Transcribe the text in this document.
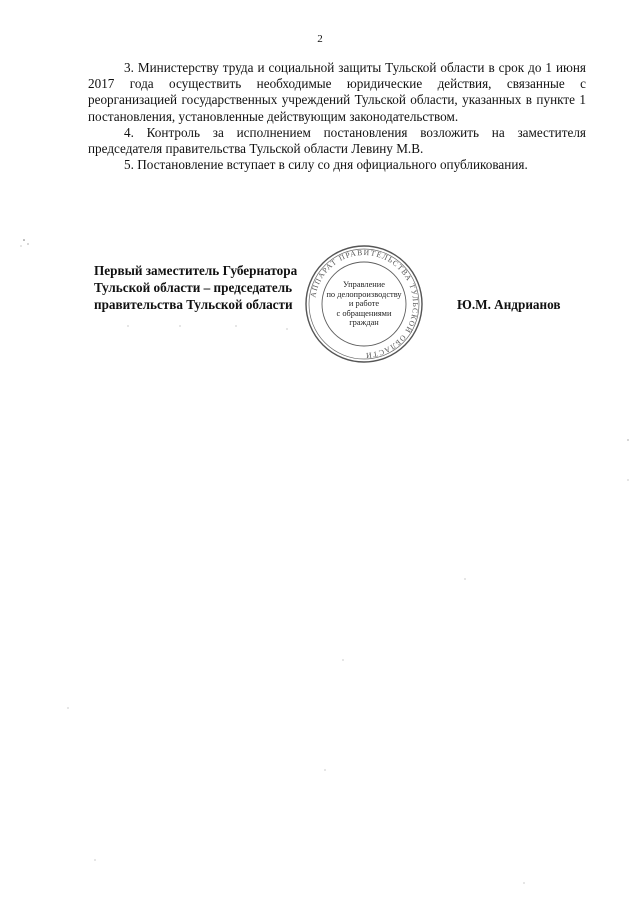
2

3. Министерству труда и социальной защиты Тульской области в срок до 1 июня 2017 года осуществить необходимые юридические действия, связанные с реорганизацией государственных учреждений Тульской области, указанных в пункте 1 постановления, установленные действующим законодательством.

4. Контроль за исполнением постановления возложить на заместителя председателя правительства Тульской области Левину М.В.

5. Постановление вступает в силу со дня официального опубликования.

Первый заместитель Губернатора
Тульской области – председатель
правительства Тульской области
АППАРАТ ПРАВИТЕЛЬСТВА ТУЛЬСКОЙ ОБЛАСТИ
Управление
по делопроизводству
и работе
с обращениями
граждан
Ю.М. Андрианов
